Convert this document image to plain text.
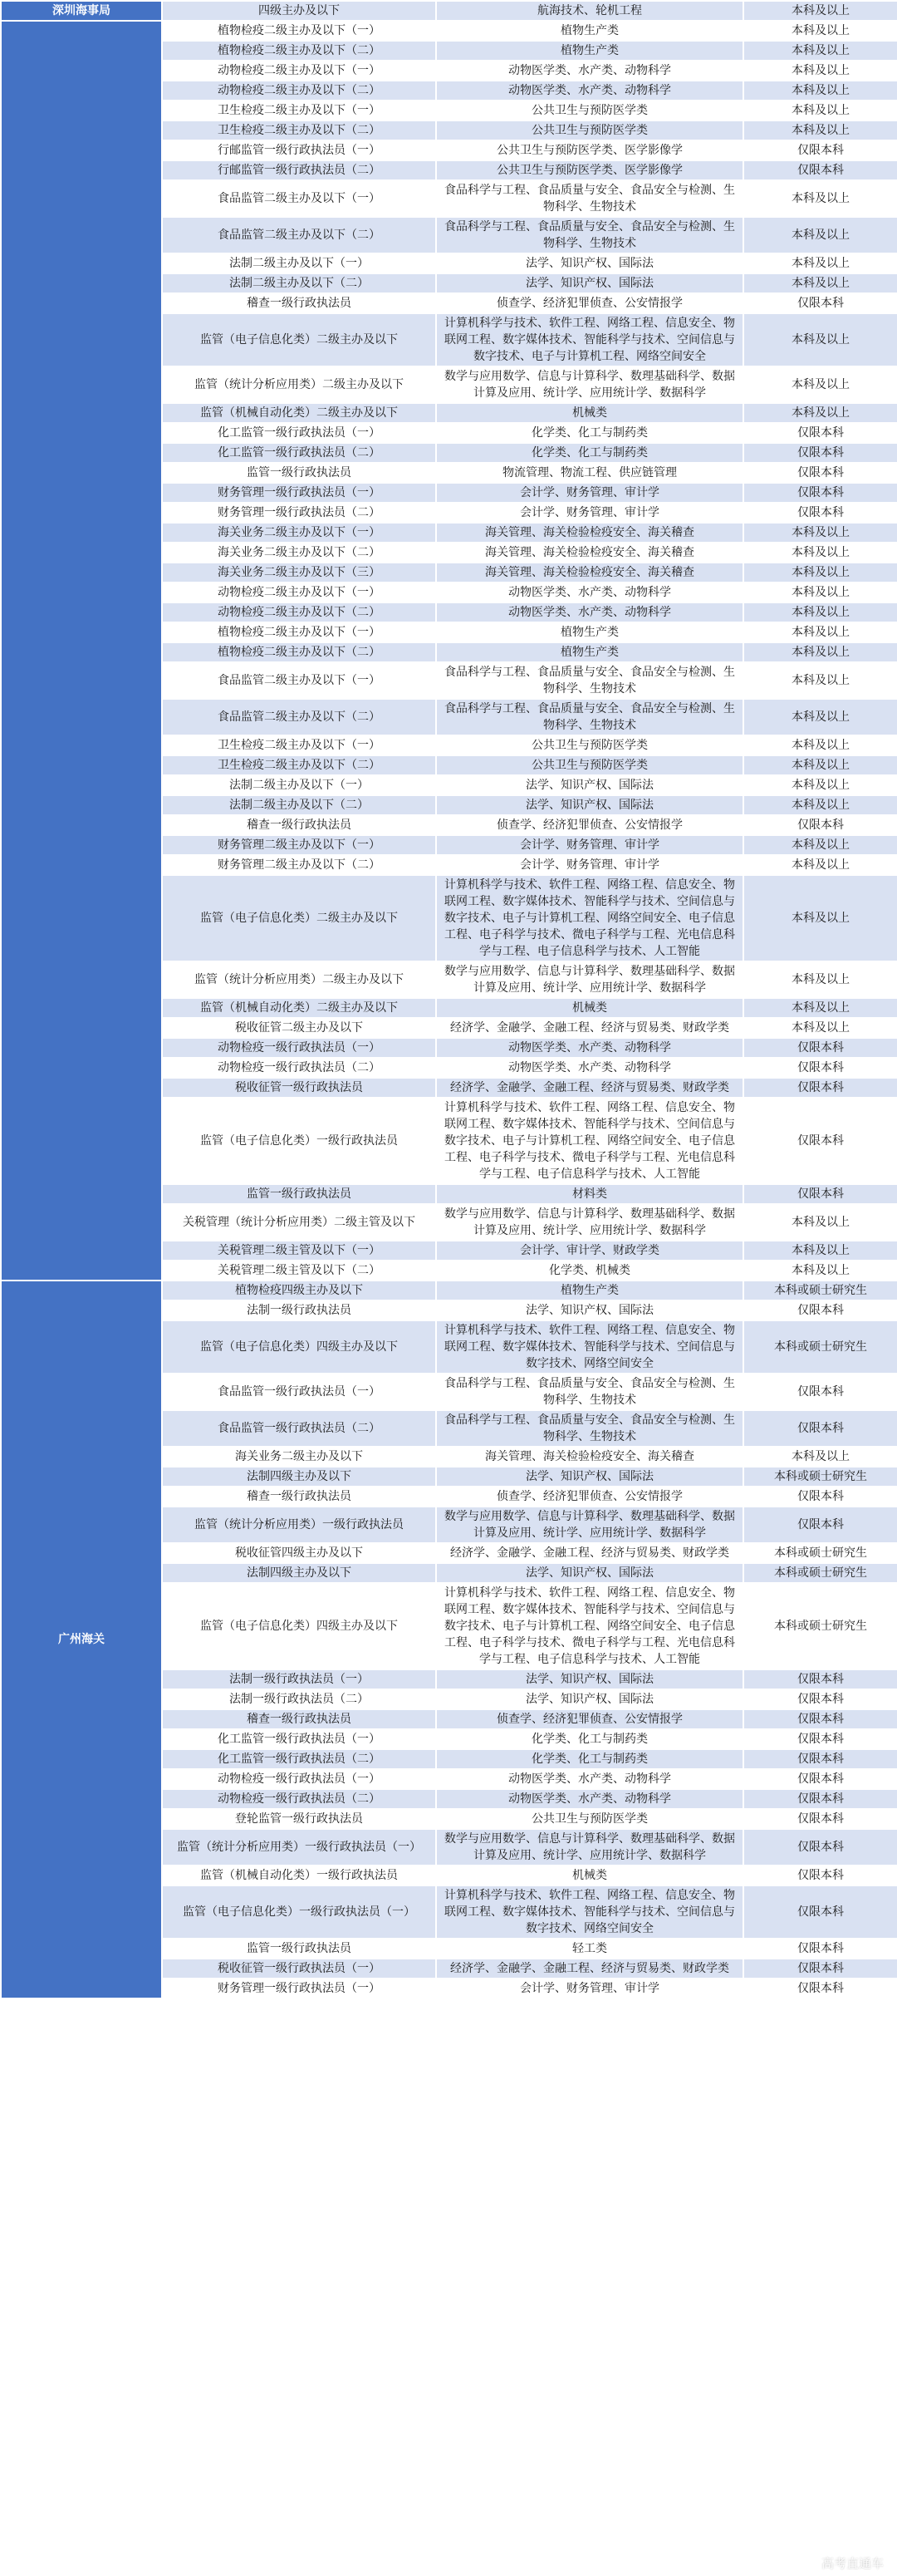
深圳海事局	四级主办及以下	航海技术、轮机工程	本科及以上
	植物检疫二级主办及以下（一）	植物生产类	本科及以上
	植物检疫二级主办及以下（二）	植物生产类	本科及以上
	动物检疫二级主办及以下（一）	动物医学类、水产类、动物科学	本科及以上
	动物检疫二级主办及以下（二）	动物医学类、水产类、动物科学	本科及以上
	卫生检疫二级主办及以下（一）	公共卫生与预防医学类	本科及以上
	卫生检疫二级主办及以下（二）	公共卫生与预防医学类	本科及以上
	行邮监管一级行政执法员（一）	公共卫生与预防医学类、医学影像学	仅限本科
	行邮监管一级行政执法员（二）	公共卫生与预防医学类、医学影像学	仅限本科
	食品监管二级主办及以下（一）	食品科学与工程、食品质量与安全、食品安全与检测、生物科学、生物技术	本科及以上
	食品监管二级主办及以下（二）	食品科学与工程、食品质量与安全、食品安全与检测、生物科学、生物技术	本科及以上
	法制二级主办及以下（一）	法学、知识产权、国际法	本科及以上
	法制二级主办及以下（二）	法学、知识产权、国际法	本科及以上
	稽查一级行政执法员	侦查学、经济犯罪侦查、公安情报学	仅限本科
	监管（电子信息化类）二级主办及以下	计算机科学与技术、软件工程、网络工程、信息安全、物联网工程、数字媒体技术、智能科学与技术、空间信息与数字技术、电子与计算机工程、网络空间安全	本科及以上
	监管（统计分析应用类）二级主办及以下	数学与应用数学、信息与计算科学、数理基础科学、数据计算及应用、统计学、应用统计学、数据科学	本科及以上
	监管（机械自动化类）二级主办及以下	机械类	本科及以上
	化工监管一级行政执法员（一）	化学类、化工与制药类	仅限本科
	化工监管一级行政执法员（二）	化学类、化工与制药类	仅限本科
	监管一级行政执法员	物流管理、物流工程、供应链管理	仅限本科
	财务管理一级行政执法员（一）	会计学、财务管理、审计学	仅限本科
	财务管理一级行政执法员（二）	会计学、财务管理、审计学	仅限本科
	海关业务二级主办及以下（一）	海关管理、海关检验检疫安全、海关稽查	本科及以上
	海关业务二级主办及以下（二）	海关管理、海关检验检疫安全、海关稽查	本科及以上
	海关业务二级主办及以下（三）	海关管理、海关检验检疫安全、海关稽查	本科及以上
	动物检疫二级主办及以下（一）	动物医学类、水产类、动物科学	本科及以上
	动物检疫二级主办及以下（二）	动物医学类、水产类、动物科学	本科及以上
	植物检疫二级主办及以下（一）	植物生产类	本科及以上
	植物检疫二级主办及以下（二）	植物生产类	本科及以上
	食品监管二级主办及以下（一）	食品科学与工程、食品质量与安全、食品安全与检测、生物科学、生物技术	本科及以上
	食品监管二级主办及以下（二）	食品科学与工程、食品质量与安全、食品安全与检测、生物科学、生物技术	本科及以上
	卫生检疫二级主办及以下（一）	公共卫生与预防医学类	本科及以上
	卫生检疫二级主办及以下（二）	公共卫生与预防医学类	本科及以上
	法制二级主办及以下（一）	法学、知识产权、国际法	本科及以上
	法制二级主办及以下（二）	法学、知识产权、国际法	本科及以上
	稽查一级行政执法员	侦查学、经济犯罪侦查、公安情报学	仅限本科
	财务管理二级主办及以下（一）	会计学、财务管理、审计学	本科及以上
	财务管理二级主办及以下（二）	会计学、财务管理、审计学	本科及以上
	监管（电子信息化类）二级主办及以下	计算机科学与技术、软件工程、网络工程、信息安全、物联网工程、数字媒体技术、智能科学与技术、空间信息与数字技术、电子与计算机工程、网络空间安全、电子信息工程、电子科学与技术、微电子科学与工程、光电信息科学与工程、电子信息科学与技术、人工智能	本科及以上
	监管（统计分析应用类）二级主办及以下	数学与应用数学、信息与计算科学、数理基础科学、数据计算及应用、统计学、应用统计学、数据科学	本科及以上
	监管（机械自动化类）二级主办及以下	机械类	本科及以上
	税收征管二级主办及以下	经济学、金融学、金融工程、经济与贸易类、财政学类	本科及以上
	动物检疫一级行政执法员（一）	动物医学类、水产类、动物科学	仅限本科
	动物检疫一级行政执法员（二）	动物医学类、水产类、动物科学	仅限本科
	税收征管一级行政执法员	经济学、金融学、金融工程、经济与贸易类、财政学类	仅限本科
	监管（电子信息化类）一级行政执法员	计算机科学与技术、软件工程、网络工程、信息安全、物联网工程、数字媒体技术、智能科学与技术、空间信息与数字技术、电子与计算机工程、网络空间安全、电子信息工程、电子科学与技术、微电子科学与工程、光电信息科学与工程、电子信息科学与技术、人工智能	仅限本科
	监管一级行政执法员	材料类	仅限本科
	关税管理（统计分析应用类）二级主管及以下	数学与应用数学、信息与计算科学、数理基础科学、数据计算及应用、统计学、应用统计学、数据科学	本科及以上
	关税管理二级主管及以下（一）	会计学、审计学、财政学类	本科及以上
	关税管理二级主管及以下（二）	化学类、机械类	本科及以上
广州海关	植物检疫四级主办及以下	植物生产类	本科或硕士研究生
	法制一级行政执法员	法学、知识产权、国际法	仅限本科
	监管（电子信息化类）四级主办及以下	计算机科学与技术、软件工程、网络工程、信息安全、物联网工程、数字媒体技术、智能科学与技术、空间信息与数字技术、网络空间安全	本科或硕士研究生
	食品监管一级行政执法员（一）	食品科学与工程、食品质量与安全、食品安全与检测、生物科学、生物技术	仅限本科
	食品监管一级行政执法员（二）	食品科学与工程、食品质量与安全、食品安全与检测、生物科学、生物技术	仅限本科
	海关业务二级主办及以下	海关管理、海关检验检疫安全、海关稽查	本科及以上
	法制四级主办及以下	法学、知识产权、国际法	本科或硕士研究生
	稽查一级行政执法员	侦查学、经济犯罪侦查、公安情报学	仅限本科
	监管（统计分析应用类）一级行政执法员	数学与应用数学、信息与计算科学、数理基础科学、数据计算及应用、统计学、应用统计学、数据科学	仅限本科
	税收征管四级主办及以下	经济学、金融学、金融工程、经济与贸易类、财政学类	本科或硕士研究生
	法制四级主办及以下	法学、知识产权、国际法	本科或硕士研究生
	监管（电子信息化类）四级主办及以下	计算机科学与技术、软件工程、网络工程、信息安全、物联网工程、数字媒体技术、智能科学与技术、空间信息与数字技术、电子与计算机工程、网络空间安全、电子信息工程、电子科学与技术、微电子科学与工程、光电信息科学与工程、电子信息科学与技术、人工智能	本科或硕士研究生
	法制一级行政执法员（一）	法学、知识产权、国际法	仅限本科
	法制一级行政执法员（二）	法学、知识产权、国际法	仅限本科
	稽查一级行政执法员	侦查学、经济犯罪侦查、公安情报学	仅限本科
	化工监管一级行政执法员（一）	化学类、化工与制药类	仅限本科
	化工监管一级行政执法员（二）	化学类、化工与制药类	仅限本科
	动物检疫一级行政执法员（一）	动物医学类、水产类、动物科学	仅限本科
	动物检疫一级行政执法员（二）	动物医学类、水产类、动物科学	仅限本科
	登轮监管一级行政执法员	公共卫生与预防医学类	仅限本科
	监管（统计分析应用类）一级行政执法员（一）	数学与应用数学、信息与计算科学、数理基础科学、数据计算及应用、统计学、应用统计学、数据科学	仅限本科
	监管（机械自动化类）一级行政执法员	机械类	仅限本科
	监管（电子信息化类）一级行政执法员（一）	计算机科学与技术、软件工程、网络工程、信息安全、物联网工程、数字媒体技术、智能科学与技术、空间信息与数字技术、网络空间安全	仅限本科
	监管一级行政执法员	轻工类	仅限本科
	税收征管一级行政执法员（一）	经济学、金融学、金融工程、经济与贸易类、财政学类	仅限本科
	财务管理一级行政执法员（一）	会计学、财务管理、审计学	仅限本科
高考直通车
